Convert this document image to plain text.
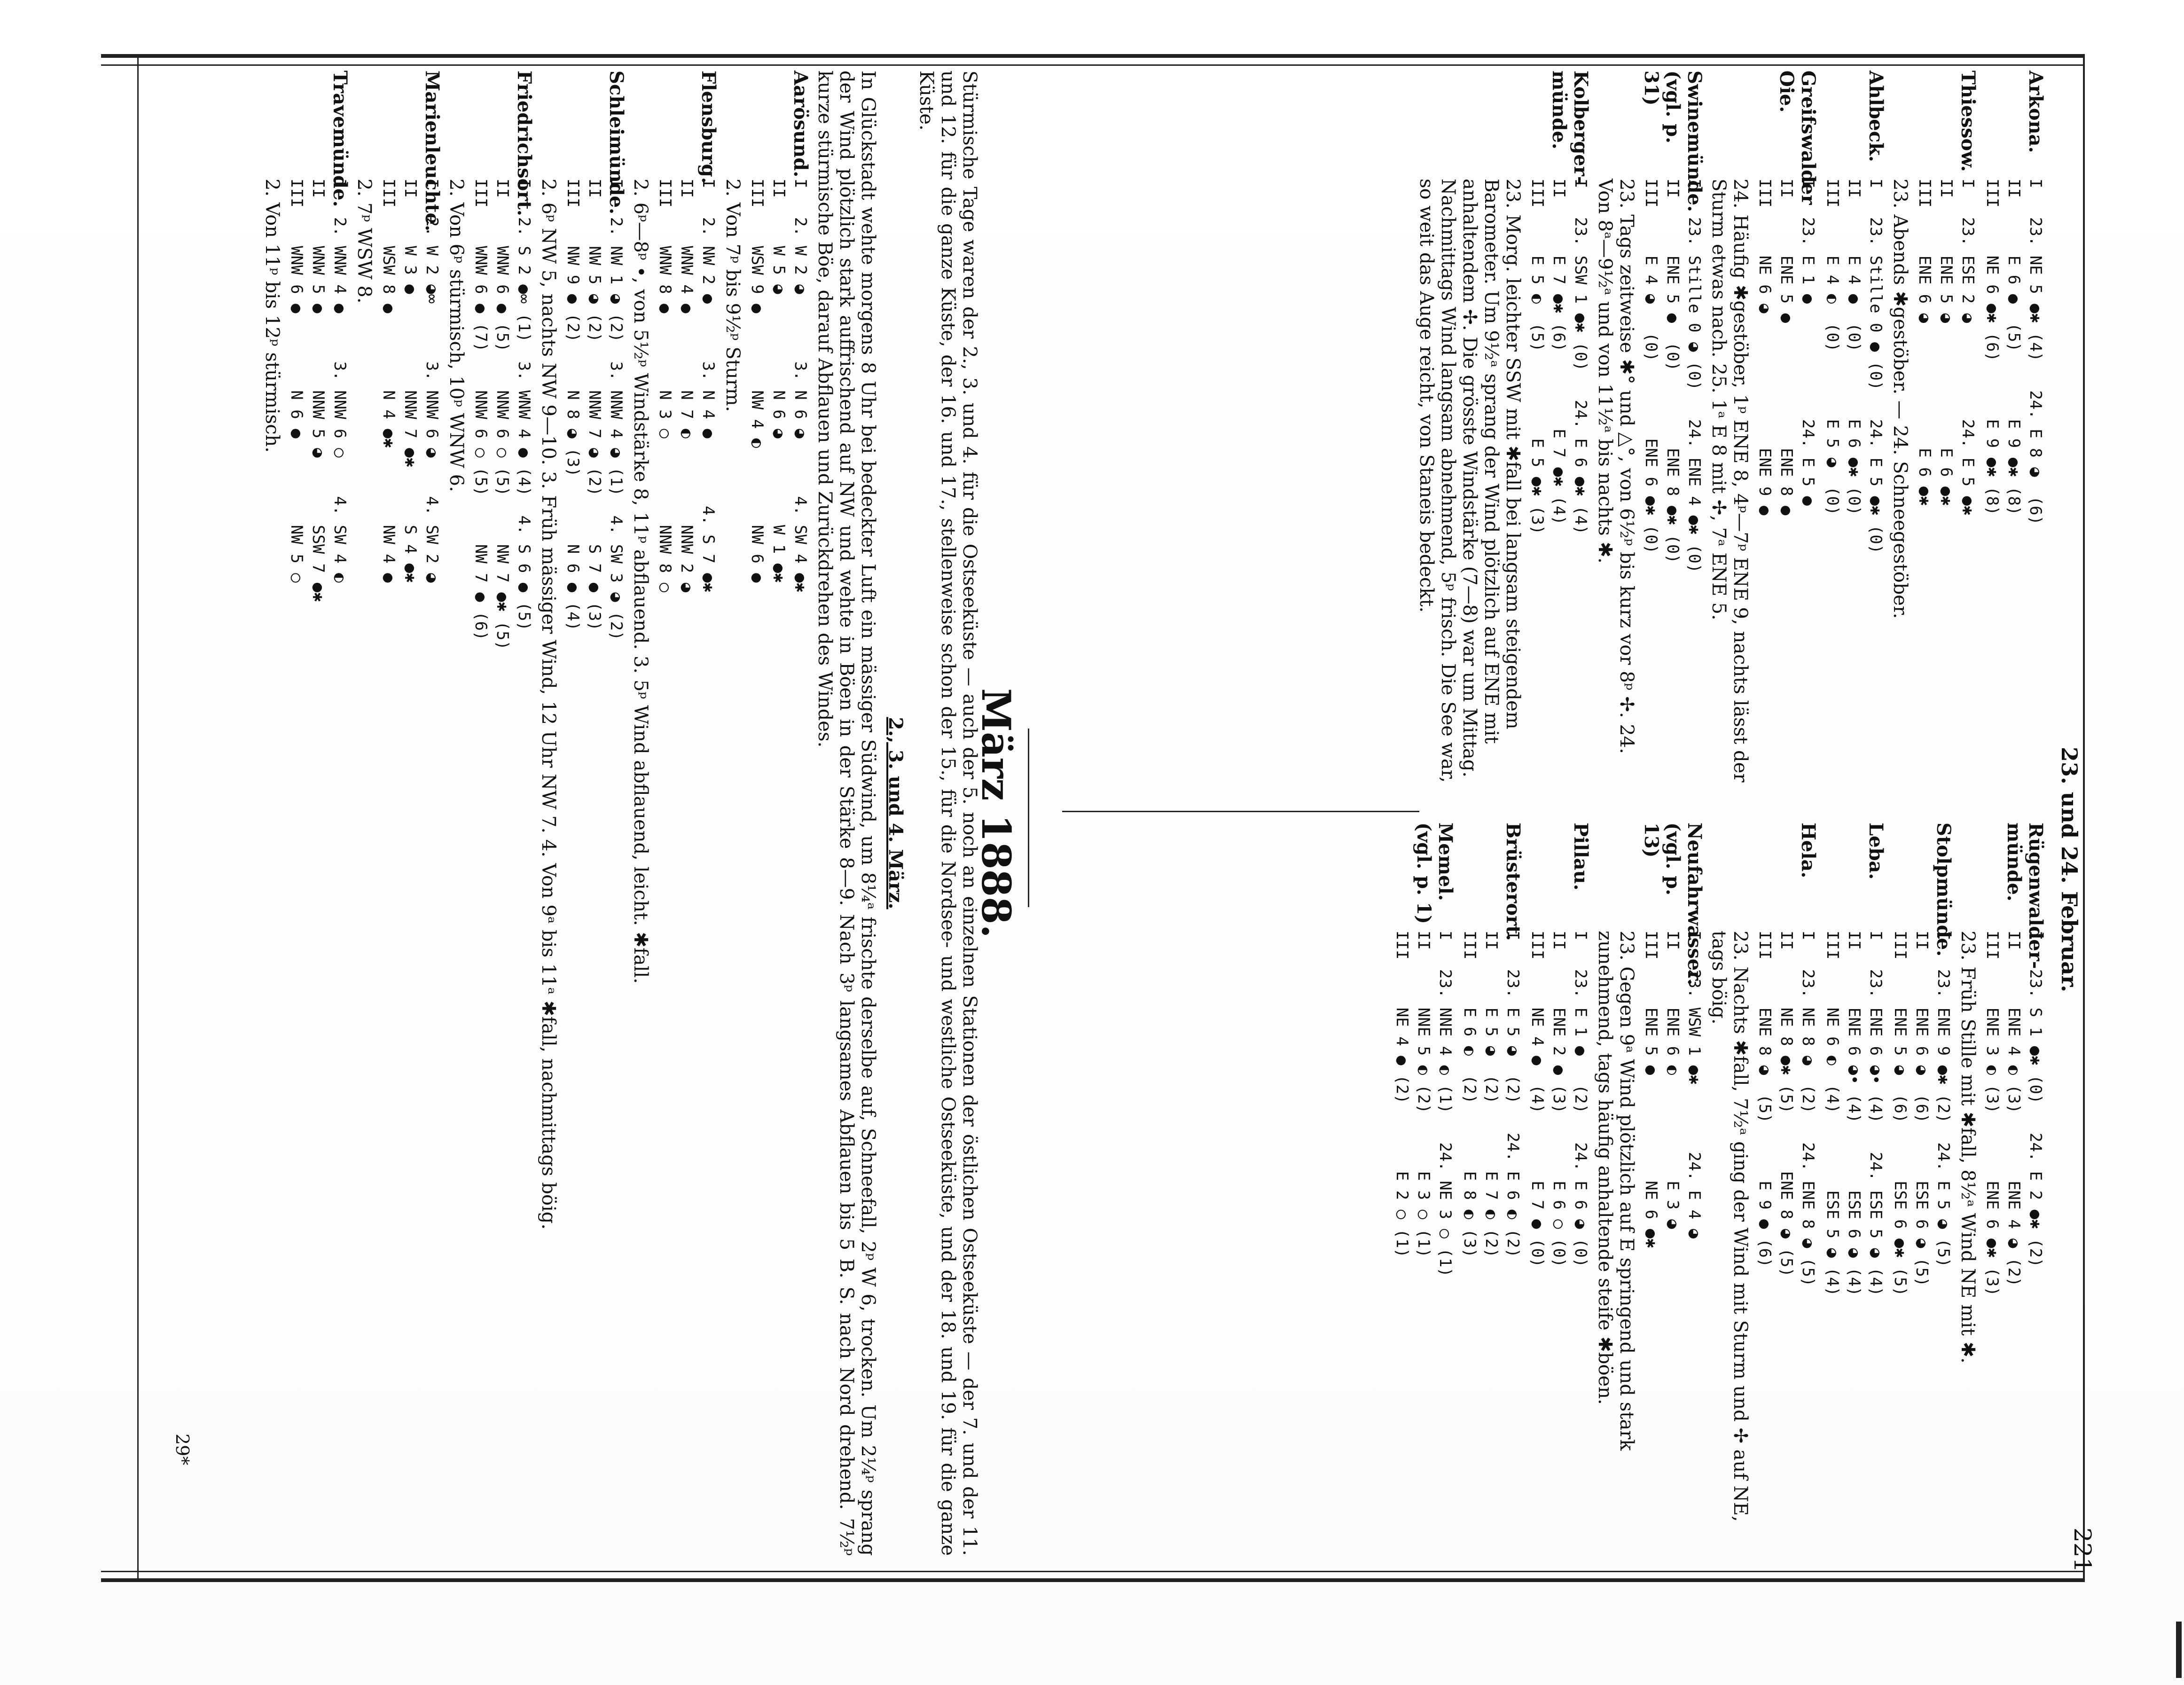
23. und 24. Februar.
221
Arkona.
I   23. NE 5 ●✱ (4)   24. E 8 ◕  (6)
II      E 6 ●  (5)       E 9 ●✱ (8)
III     NE 6 ●✱ (6)      E 9 ●✱ (8)
Thiessow.
I   23. ESE 2 ◕          24. E 5 ●✱
II      ENE 5 ◕             E 6 ●✱
III     ENE 6 ◕             E 6 ●✱
23. Abends ✱gestöber. — 24. Schneegestöber.
Ahlbeck.
I   23. Stille 0 ● (0)   24. E 5 ●✱ (0)
II      E 4 ●  (0)       E 6 ●✱ (0)
III     E 4 ◐  (0)       E 5 ◕  (0)
Greifswalder Oie.
I   23. E 1 ●            24. E 5 ●
II      ENE 5 ●             ENE 8 ●
III     NE 6 ◕              ENE 9 ●
24. Häufig ✱gestöber, 1ᵖ ENE 8, 4ᵖ—7ᵖ ENE 9, nachts lässt der Sturm etwas nach. 25. 1ᵃ E 8 mit ✢, 7ᵃ ENE 5.
Swinemünde. (vgl. p. 31)
I   23. Stille 0 ◕ (0)   24. ENE 4 ●✱ (0)
II      ENE 5 ●  (0)        ENE 8 ●✱ (0)
III     E 4 ◕   (0)        ENE 6 ●✱ (0)
23. Tags zeitweise ✱° und △°, von 6½ᵖ bis kurz vor 8ᵖ ✢. 24. Von 8ᵃ—9½ᵃ und von 11½ᵃ bis nachts ✱.
Kolberger-münde.
I   23. SSW 1 ●✱ (0)   24. E 6 ●✱ (4)
II      E 7 ●✱ (6)        E 7 ●✱ (4)
III     E 5 ◐  (5)         E 5 ●✱ (3)
23. Morg. leichter SSW mit ✱fall bei langsam steigendem Barometer. Um 9½ᵃ sprang der Wind plötzlich auf ENE mit anhaltendem ✢. Die grösste Windstärke (7—8) war um Mittag. Nachmittags Wind langsam abnehmend, 5ᵖ frisch. Die See war, so weit das Auge reicht, von Staneis bedeckt.
Rügenwalder-münde.
I   23. S 1 ●✱ (0)   24. E 2 ●✱ (2)
II      ENE 4 ◐ (3)       ENE 4 ◕ (2)
III     ENE 3 ◐ (3)       ENE 6 ●✱ (3)
23. Früh Stille mit ✱fall, 8½ᵃ Wind NE mit ✱.
Stolpmünde.
I   23. ENE 9 ●✱ (2)  24. E 5 ◕ (5)
II      ENE 6 ◕  (6)      ESE 6 ◕ (5)
III     ENE 5 ◕  (6)      ESE 6 ●✱ (5)
Leba.
I   23. ENE 6 ◕• (4)   24. ESE 5 ◕ (4)
II      ENE 6 ◕• (4)       ESE 6 ◕ (4)
III     NE 6 ◐  (4)        ESE 5 ◕ (4)
Hela.
I   23. NE 8 ◕  (2)   24. ENE 8 ◕ (5)
II      NE 8 ●✱ (5)      ENE 8 ◕ (5)
III     ENE 8 ◕  (5)      E 9 ● (6)
23. Nachts ✱fall, 7½ᵃ ging der Wind mit Sturm und ✢ auf NE, tags böig.
Neufahrwasser. (vgl. p. 13)
I   23. WSW 1 ●✱       24. E 4 ◕
II      ENE 6 ◐           E 3 ◕
III     ENE 5 ●           NE 6 ●✱
23. Gegen 9ᵃ Wind plötzlich auf E springend und stark zunehmend, tags häufig anhaltende steife ✱böen.
Pillau.
I   23. E 1 ●   (2)   24. E 6 ◕ (0)
II      ENE 2 ● (3)       E 6 ○ (0)
III     NE 4 ●  (4)       E 7 ● (0)
Brüsterort.
I   23. E 5 ◕  (2)   24. E 6 ◐ (2)
II      E 5 ◕  (2)       E 7 ◐ (2)
III     E 6 ◐  (2)       E 8 ◐ (3)
Memel. (vgl. p. 1)
I   23. NNE 4 ◐ (1)   24. NE 3 ○ (1)
II      NNE 5 ◐ (2)      E 3 ○ (1)
III     NE 4 ● (2)       E 2 ○ (1)
März 1888.
Stürmische Tage waren der 2., 3. und 4. für die Ostseeküste — auch der 5. noch an einzelnen Stationen der östlichen Ostseeküste — der 7. und der 11. und 12. für die ganze Küste, der 16. und 17., stellenweise schon der 15., für die Nordsee- und westliche Ostseeküste, und der 18. und 19. für die ganze Küste.
2., 3. und 4. März.
In Glückstadt wehte morgens 8 Uhr bei bedeckter Luft ein mässiger Südwind, um 8¼ᵃ frischte derselbe auf, Schneefall, 2ᵖ W 6, trocken. Um 2¼ᵖ sprang der Wind plötzlich stark auffrischend auf NW und wehte in Böen in der Stärke 8—9. Nach 3ᵖ langsames Abflauen bis 5 B. S. nach Nord drehend. 7½ᵖ kurze stürmische Böe, darauf Abflauen und Zurückdrehen des Windes.
Aarösund.
I   2. W 2 ◕       3. N 6 ◕      4. SW 4 ●✱
II     W 5 ◕          N 6 ◕         W 1 ●✱
III    WSW 9 ●        NW 4 ◐        NW 6 ●
2. Von 7ᵖ bis 9½ᵖ Sturm.
Flensburg.
I   2. NW 2 ●      3. N 4 ●       4. S 7 ●✱
II     WNW 4 ●        N 7 ◐         NNW 2 ◕
III    WNW 8 ●        N 3 ○         NNW 8 ○
2. 6ᵖ—8ᵖ •, von 5½ᵖ Windstärke 8, 11ᵖ abflauend. 3. 5ᵖ Wind abflauend, leicht. ✱fall.
Schleimünde.
I   2. NW 1 ◕ (2)  3. NNW 4 ◕ (1)  4. SW 3 ◕ (2)
II     NW 5 ◕ (2)     NNW 7 ◕ (2)     S 7 ● (3)
III    NW 9 ● (2)     N 8 ◕ (3)       N 6 ● (4)
2. 6ᵖ NW 5, nachts NW 9—10. 3. Früh mässiger Wind, 12 Uhr NW 7. 4. Von 9ᵃ bis 11ᵃ ✱fall, nachmittags böig.
Friedrichsort.
I   2. S 2 ●∞ (1)  3. WNW 4 ● (4)  4. S 6 ● (5)
II     WNW 6 ● (5)    NNW 6 ○ (5)     NW 7 ●✱ (5)
III    WNW 6 ● (7)    NNW 6 ○ (5)     NW 7 ● (6)
2. Von 6ᵖ stürmisch, 10ᵖ WNW 6.
Marienleuchte.
I   2. W 2 ◕∞      3. NNW 6 ◕    4. SW 2 ◕
II     W 3 ●          NNW 7 ●✱      S 4 ●✱
III    WSW 8 ●        N 4 ●✱        NW 4 ●
2. 7ᵖ WSW 8.
Travemünde.
I   2. WNW 4 ●     3. NNW 6 ○    4. SW 4 ◐
II     WNW 5 ●        NNW 5 ◕       SSW 7 ●✱
III    WNW 6 ●        N 6 ●         NW 5 ○
2. Von 11ᵖ bis 12ᵖ stürmisch.
29*
